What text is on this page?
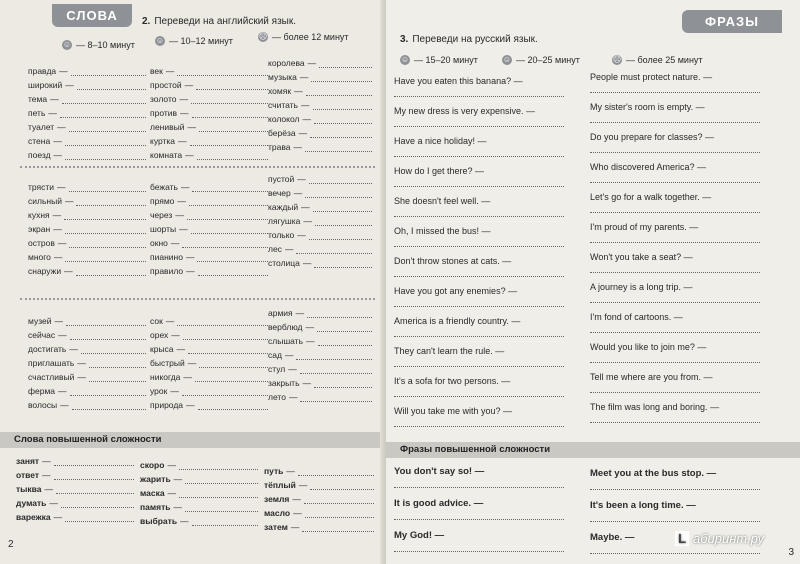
СЛОВА	2. Переведи на английский язык.
☺ — 8–10 минут	☺ — 10–12 минут	☹ — более 12 минут
правда —
широкий —
тема —
петь —
туалет —
стена —
поезд —
век —
простой —
золото —
против —
ленивый —
куртка —
комната —
королева —
музыка —
хомяк —
считать —
колокол —
берёза —
трава —
трясти —
сильный —
кухня —
экран —
остров —
много —
снаружи —
бежать —
прямо —
через —
шорты —
окно —
пианино —
правило —
пустой —
вечер —
каждый —
лягушка —
только —
лес —
столица —
музей —
сейчас —
достигать —
приглашать —
счастливый —
ферма —
волосы —
сок —
орех —
крыса —
быстрый —
никогда —
урок —
природа —
армия —
верблюд —
слышать —
сад —
стул —
закрыть —
лето —
Слова повышенной сложности
занят —
ответ —
тыква —
думать —
варежка —
скоро —
жарить —
маска —
память —
выбрать —
путь —
тёплый —
земля —
масло —
затем —
2
ФРАЗЫ
3. Переведи на русский язык.
☺ — 15–20 минут	☺ — 20–25 минут	☹ — более 25 минут
Have you eaten this banana? —
My new dress is very expensive. —
Have a nice holiday! —
How do I get there? —
She doesn't feel well. —
Oh, I missed the bus! —
Don't throw stones at cats. —
Have you got any enemies? —
America is a friendly country. —
They can't learn the rule. —
It's a sofa for two persons. —
Will you take me with you? —
People must protect nature. —
My sister's room is empty. —
Do you prepare for classes? —
Who discovered America? —
Let's go for a walk together. —
I'm proud of my parents. —
Won't you take a seat? —
A journey is a long trip. —
I'm fond of cartoons. —
Would you like to join me? —
Tell me where are you from. —
The film was long and boring. —
Фразы повышенной сложности
You don't say so! —
It is good advice. —
My God! —
Meet you at the bus stop. —
It's been a long time. —
Maybe. —
3
L абиринт.ру
